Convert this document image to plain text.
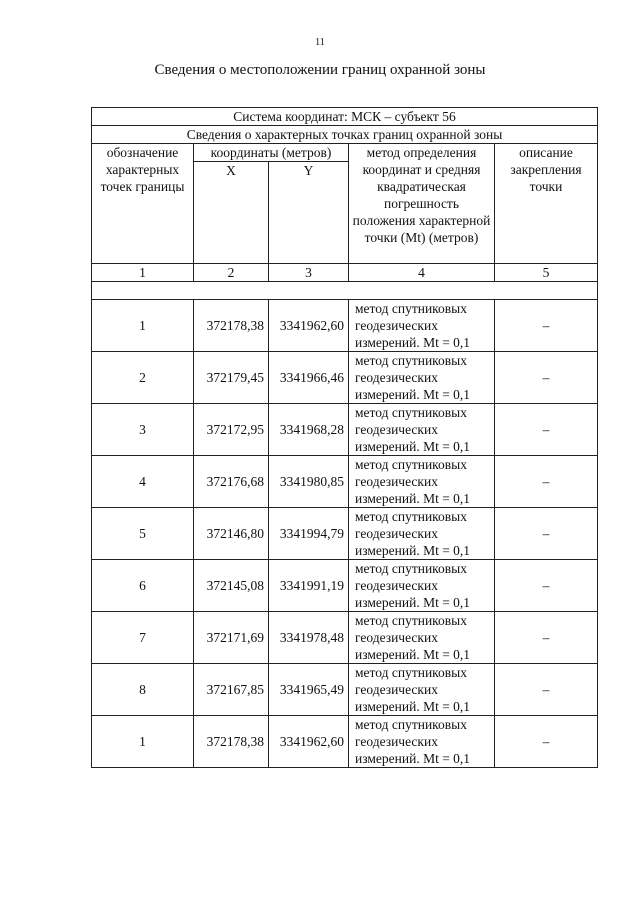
11
Сведения о местоположении границ охранной зоны
Система координат: МСК – субъект 56				
Сведения о характерных точках границ охранной зоны				
обозначение характерных точек границы	координаты (метров)		метод определения координат и средняя квадратическая погрешность положения характерной точки (Mt) (метров)	описание закрепления точки
	X	Y		
1	2	3	4	5

1	372178,38	3341962,60	метод спутниковых геодезических измерений. Mt = 0,1	–
2	372179,45	3341966,46	метод спутниковых геодезических измерений. Mt = 0,1	–
3	372172,95	3341968,28	метод спутниковых геодезических измерений. Mt = 0,1	–
4	372176,68	3341980,85	метод спутниковых геодезических измерений. Mt = 0,1	–
5	372146,80	3341994,79	метод спутниковых геодезических измерений. Mt = 0,1	–
6	372145,08	3341991,19	метод спутниковых геодезических измерений. Mt = 0,1	–
7	372171,69	3341978,48	метод спутниковых геодезических измерений. Mt = 0,1	–
8	372167,85	3341965,49	метод спутниковых геодезических измерений. Mt = 0,1	–
1	372178,38	3341962,60	метод спутниковых геодезических измерений. Mt = 0,1	–
